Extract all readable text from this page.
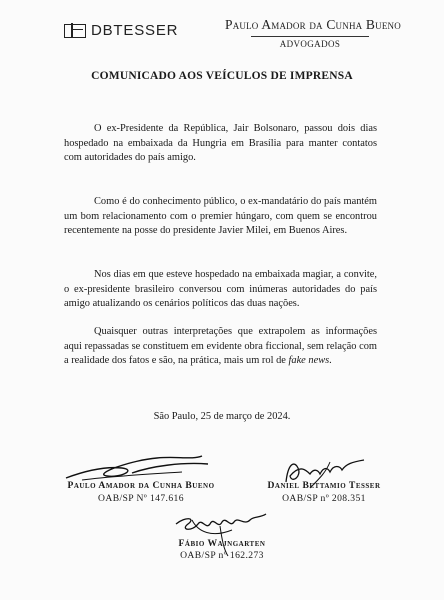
DBTESSER	Paulo Amador da Cunha Bueno
ADVOGADOS
COMUNICADO AOS VEÍCULOS DE IMPRENSA

O ex-Presidente da República, Jair Bolsonaro, passou dois dias hospedado na embaixada da Hungria em Brasília para manter contatos com autoridades do país amigo.

Como é do conhecimento público, o ex-mandatário do país mantém um bom relacionamento com o premier húngaro, com quem se encontrou recentemente na posse do presidente Javier Milei, em Buenos Aires.

Nos dias em que esteve hospedado na embaixada magiar, a convite, o ex-presidente brasileiro conversou com inúmeras autoridades do país amigo atualizando os cenários políticos das duas nações.

Quaisquer outras interpretações que extrapolem as informações aqui repassadas se constituem em evidente obra ficcional, sem relação com a realidade dos fatos e são, na prática, mais um rol de fake news.

São Paulo, 25 de março de 2024.
Paulo Amador da Cunha Bueno
OAB/SP Nº 147.616
Daniel Bettamio Tesser
OAB/SP nº 208.351
Fábio Wajngarten
OAB/SP nº 162.273
